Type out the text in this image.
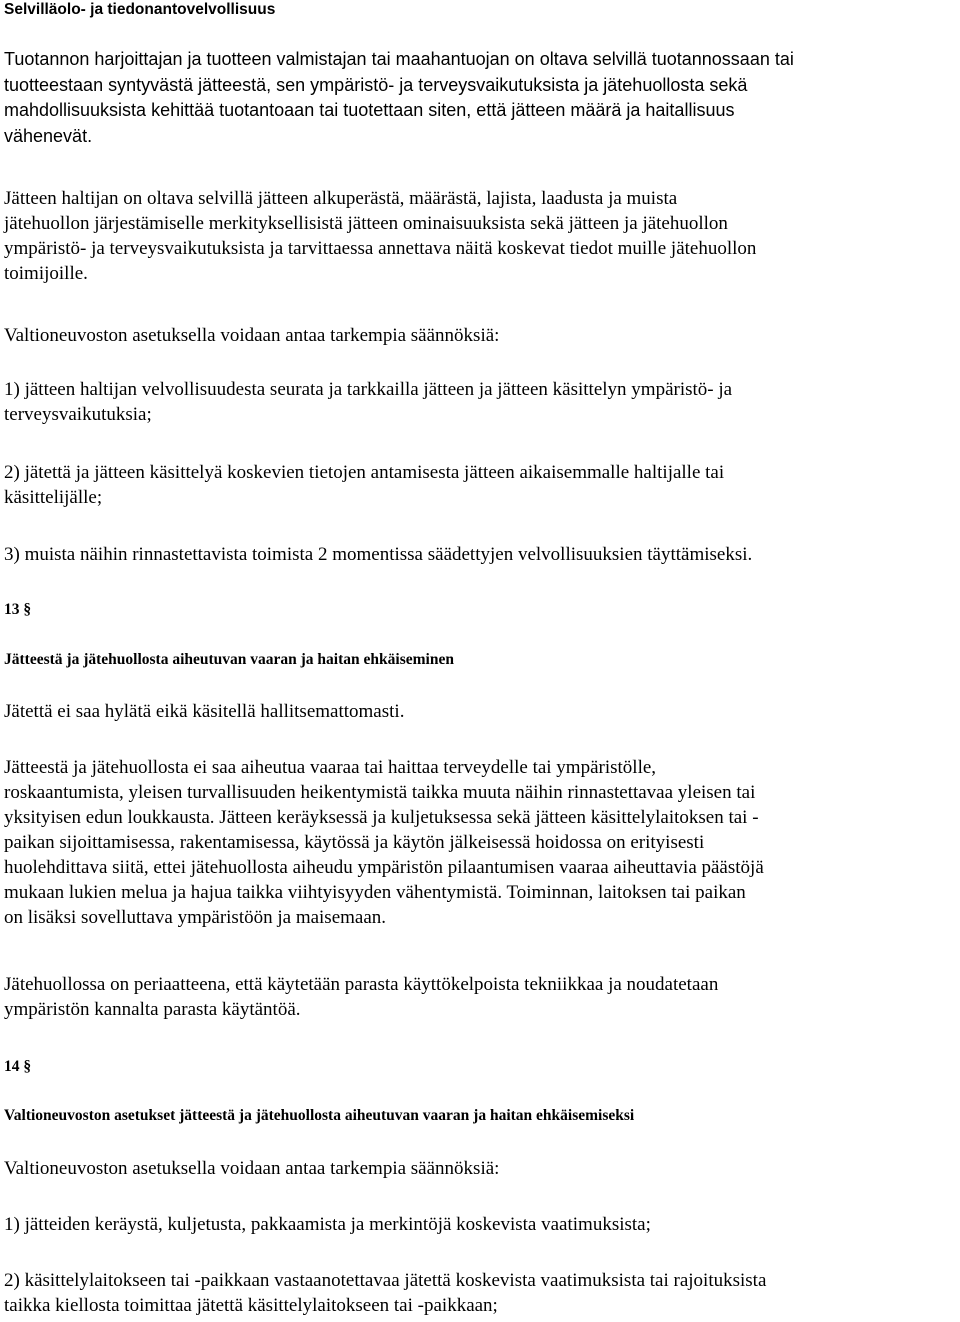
Selvilläolo- ja tiedonantovelvollisuus
Tuotannon harjoittajan ja tuotteen valmistajan tai maahantuojan on oltava selvillä tuotannossaan tai
tuotteestaan syntyvästä jätteestä, sen ympäristö- ja terveysvaikutuksista ja jätehuollosta sekä
mahdollisuuksista kehittää tuotantoaan tai tuotettaan siten, että jätteen määrä ja haitallisuus
vähenevät.
Jätteen haltijan on oltava selvillä jätteen alkuperästä, määrästä, lajista, laadusta ja muista
jätehuollon järjestämiselle merkityksellisistä jätteen ominaisuuksista sekä jätteen ja jätehuollon
ympäristö- ja terveysvaikutuksista ja tarvittaessa annettava näitä koskevat tiedot muille jätehuollon
toimijoille.
Valtioneuvoston asetuksella voidaan antaa tarkempia säännöksiä:
1) jätteen haltijan velvollisuudesta seurata ja tarkkailla jätteen ja jätteen käsittelyn ympäristö- ja
terveysvaikutuksia;
2) jätettä ja jätteen käsittelyä koskevien tietojen antamisesta jätteen aikaisemmalle haltijalle tai
käsittelijälle;
3) muista näihin rinnastettavista toimista 2 momentissa säädettyjen velvollisuuksien täyttämiseksi.
13 §
Jätteestä ja jätehuollosta aiheutuvan vaaran ja haitan ehkäiseminen
Jätettä ei saa hylätä eikä käsitellä hallitsemattomasti.
Jätteestä ja jätehuollosta ei saa aiheutua vaaraa tai haittaa terveydelle tai ympäristölle,
roskaantumista, yleisen turvallisuuden heikentymistä taikka muuta näihin rinnastettavaa yleisen tai
yksityisen edun loukkausta. Jätteen keräyksessä ja kuljetuksessa sekä jätteen käsittelylaitoksen tai -
paikan sijoittamisessa, rakentamisessa, käytössä ja käytön jälkeisessä hoidossa on erityisesti
huolehdittava siitä, ettei jätehuollosta aiheudu ympäristön pilaantumisen vaaraa aiheuttavia päästöjä
mukaan lukien melua ja hajua taikka viihtyisyyden vähentymistä. Toiminnan, laitoksen tai paikan
on lisäksi sovelluttava ympäristöön ja maisemaan.
Jätehuollossa on periaatteena, että käytetään parasta käyttökelpoista tekniikkaa ja noudatetaan
ympäristön kannalta parasta käytäntöä.
14 §
Valtioneuvoston asetukset jätteestä ja jätehuollosta aiheutuvan vaaran ja haitan ehkäisemiseksi
Valtioneuvoston asetuksella voidaan antaa tarkempia säännöksiä:
1) jätteiden keräystä, kuljetusta, pakkaamista ja merkintöjä koskevista vaatimuksista;
2) käsittelylaitokseen tai -paikkaan vastaanotettavaa jätettä koskevista vaatimuksista tai rajoituksista
taikka kiellosta toimittaa jätettä käsittelylaitokseen tai -paikkaan;
